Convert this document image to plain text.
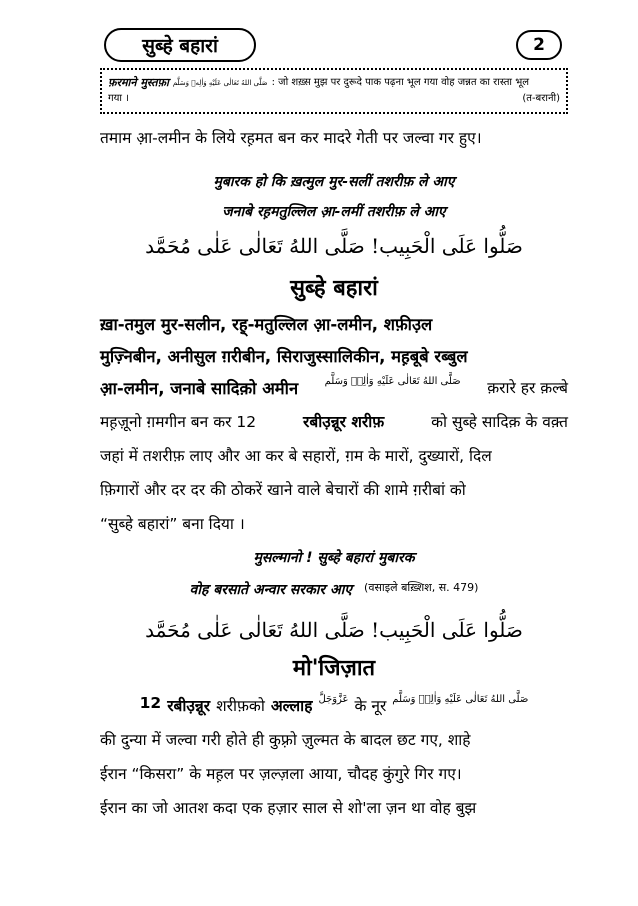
सुब्हे बहारां	2
फ़रमाने मुस्तफ़ा صَلَّى اللهُ تَعَالٰى عَلَيْهِ وَاٰلِهٖ وَسَلَّم : जो शख़्स मुझ पर दुरूदे पाक पढ़ना भूल गया वोह जन्नत का रास्ता भूल
गया ।	(त-बरानी)
तमाम आ़-लमीन के लिये रह़मत बन कर मादरे गेती पर जल्वा गर हुए।
मुबारक हो कि ख़त्मुल मुर-सलीं तशरीफ़ ले आए
जनाबे रह़मतुल्लिल आ़-लमीं तशरीफ़ ले आए
صَلُّوا عَلَى الْحَبِيب! صَلَّى اللهُ تَعَالٰى عَلٰى مُحَمَّد
सुब्हे बहारां
ख़ा-तमुल मुर-सलीन, रह़्-मतुल्लिल आ़-लमीन, शफ़ीउ़ल
मुज़्निबीन, अनीसुल ग़रीबीन, सिराजुस्सालिकीन, मह़बूबे रब्बुल
आ़-लमीन, जनाबे सादिक़ो अमीन	صَلَّى اللهُ تَعَالٰى عَلَيْهِ وَاٰلِهٖ وَسَلَّم क़रारे हर क़ल्बे
मह़ज़ूनो ग़मगीन बन कर 12	रबीउ़न्नूर शरीफ़	को सुब्हे सादिक़ के वक़्त
जहां में तशरीफ़ लाए और आ कर बे सहारों, ग़म के मारों, दुख्यारों, दिल
फ़िगारों और दर दर की ठोकरें खाने वाले बेचारों की शामे ग़रीबां को
“सुब्हे बहारां” बना दिया ।
मुसल्मानो ! सुब्हे बहारां मुबारक
वोह बरसाते अन्वार सरकार आए (वसाइले बख़्शिश, स. 479)
صَلُّوا عَلَى الْحَبِيب! صَلَّى اللهُ تَعَالٰى عَلٰى مُحَمَّد
मो'जिज़ात
12 रबीउ़न्नूर शरीफ़को अल्लाह عَزَّوَجَلَّ के नूर صَلَّى اللهُ تَعَالٰى عَلَيْهِ وَاٰلِهٖ وَسَلَّم
की दुन्या में जल्वा गरी होते ही कुफ़्रो ज़ुल्मत के बादल छट गए, शाहे
ईरान “किसरा” के मह़ल पर ज़ल्ज़ला आया, चौदह कुंगुरे गिर गए।
ईरान का जो आतश कदा एक हज़ार साल से शो'ला ज़न था वोह बुझ
